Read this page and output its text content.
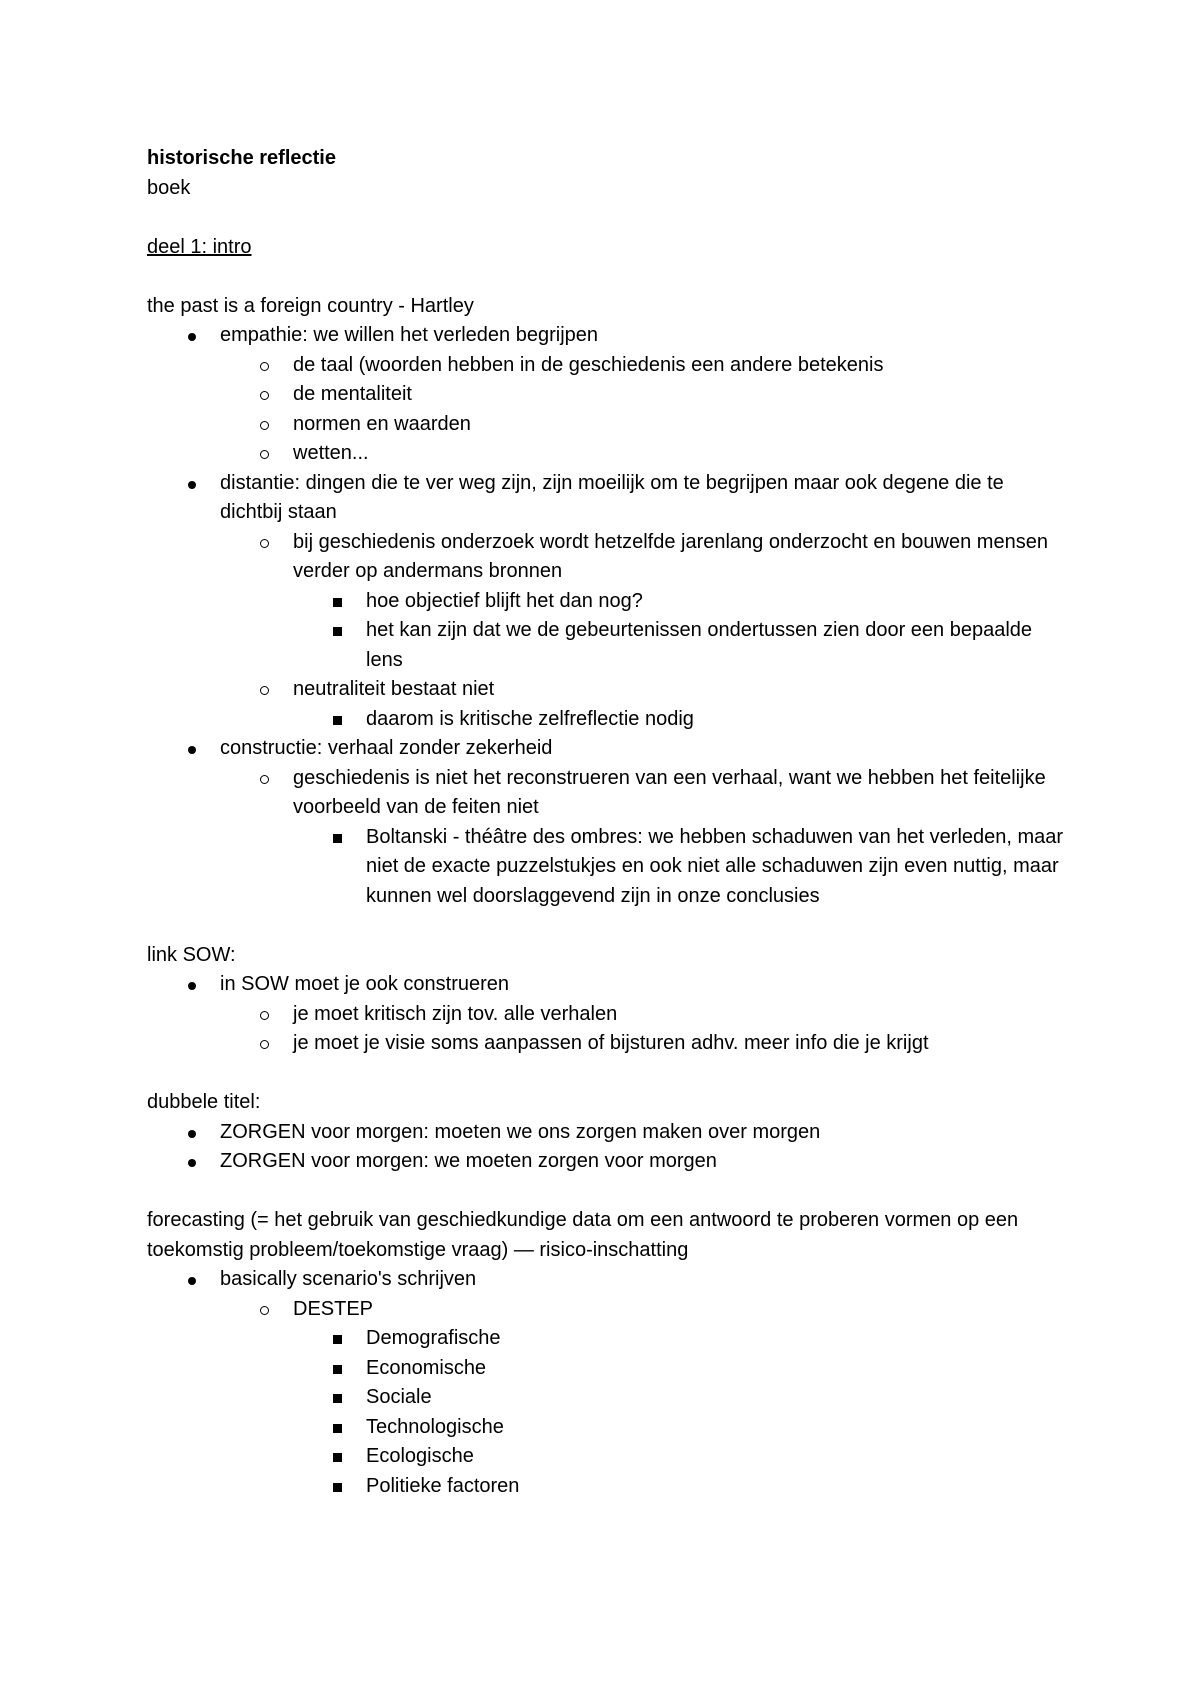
historische reflectie
boek
deel 1: intro
the past is a foreign country - Hartley
empathie: we willen het verleden begrijpen
de taal (woorden hebben in de geschiedenis een andere betekenis
de mentaliteit
normen en waarden
wetten...
distantie: dingen die te ver weg zijn, zijn moeilijk om te begrijpen maar ook degene die te dichtbij staan
bij geschiedenis onderzoek wordt hetzelfde jarenlang onderzocht en bouwen mensen verder op andermans bronnen
hoe objectief blijft het dan nog?
het kan zijn dat we de gebeurtenissen ondertussen zien door een bepaalde lens
neutraliteit bestaat niet
daarom is kritische zelfreflectie nodig
constructie: verhaal zonder zekerheid
geschiedenis is niet het reconstrueren van een verhaal, want we hebben het feitelijke voorbeeld van de feiten niet
Boltanski - théâtre des ombres: we hebben schaduwen van het verleden, maar niet de exacte puzzelstukjes en ook niet alle schaduwen zijn even nuttig, maar kunnen wel doorslaggevend zijn in onze conclusies
link SOW:
in SOW moet je ook construeren
je moet kritisch zijn tov. alle verhalen
je moet je visie soms aanpassen of bijsturen adhv. meer info die je krijgt
dubbele titel:
ZORGEN voor morgen: moeten we ons zorgen maken over morgen
ZORGEN voor morgen: we moeten zorgen voor morgen
forecasting (= het gebruik van geschiedkundige data om een antwoord te proberen vormen op een toekomstig probleem/toekomstige vraag) — risico-inschatting
basically scenario's schrijven
DESTEP
Demografische
Economische
Sociale
Technologische
Ecologische
Politieke factoren
